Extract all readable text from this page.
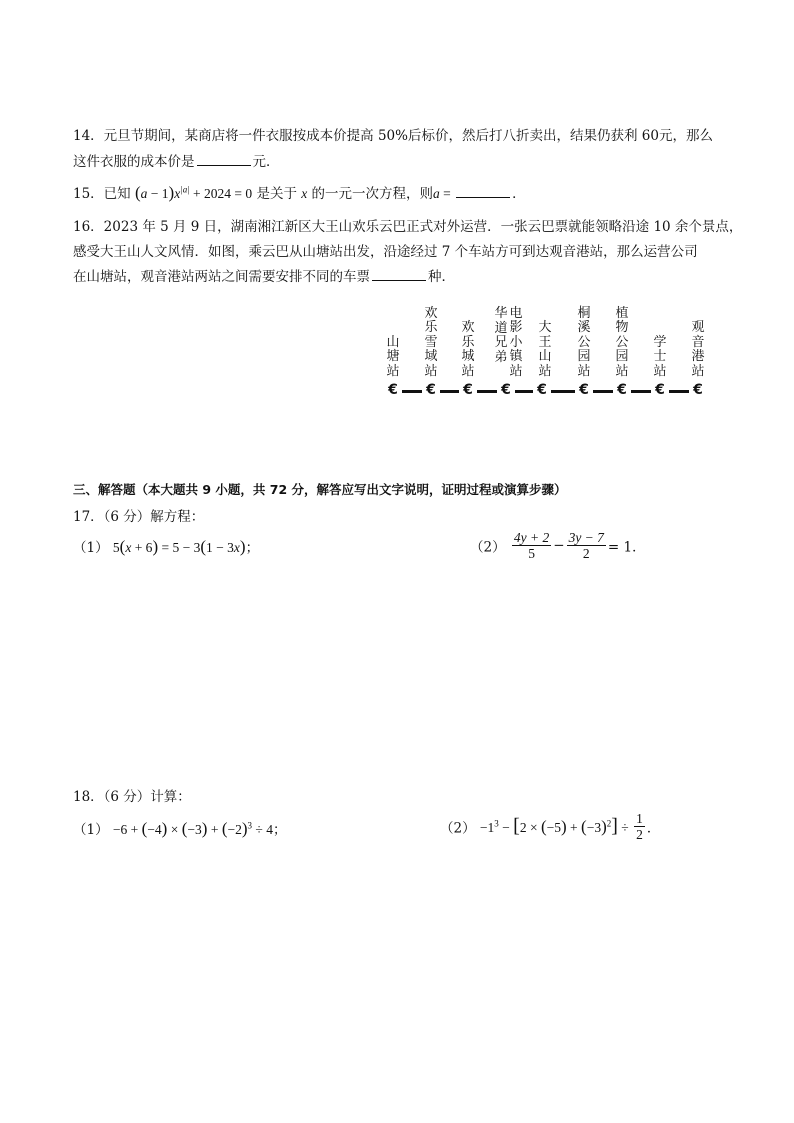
14．元旦节期间，某商店将一件衣服按成本价提高 50%后标价，然后打八折卖出，结果仍获利 60元，那么
这件衣服的成本价是	元．
15．已知 $(a - 1)x^{|a|} + 2024 = 0$ 是关于 x 的一元一次方程，则a =	．
16．2023 年 5 月 9 日，湖南湘江新区大王山欢乐云巴正式对外运营．一张云巴票就能领略沿途 10 余个景点，
感受大王山人文风情．如图，乘云巴从山塘站出发，沿途经过 7 个车站方可到达观音港站，那么运营公司
在山塘站，观音港站两站之间需要安排不同的车票	种．
山
塘
站
欢
乐
雪
域
站
欢
乐
城
站
华
道
兄
弟
电
影
小
镇
站
大
王
山
站
桐
溪
公
园
站
植
物
公
园
站
学
士
站
观
音
港
站
€ € € € € € € € €
三、解答题（本大题共 9 小题，共 72 分，解答应写出文字说明，证明过程或演算步骤）
17．（6 分）解方程：
（1） 5(x + 6) = 5 − 3(1 − 3x)；	$(2) \frac{4y + 2}{5} - \frac{3y - 7}{2} = 1$．
18．（6 分）计算：
$(1) -6 + (-4) \times (-3) + (-2)^3 \div 4$；	$(2) -1^3 - [2 \times (-5) + (-3)^2] \div \frac{1}{2}$ ．
